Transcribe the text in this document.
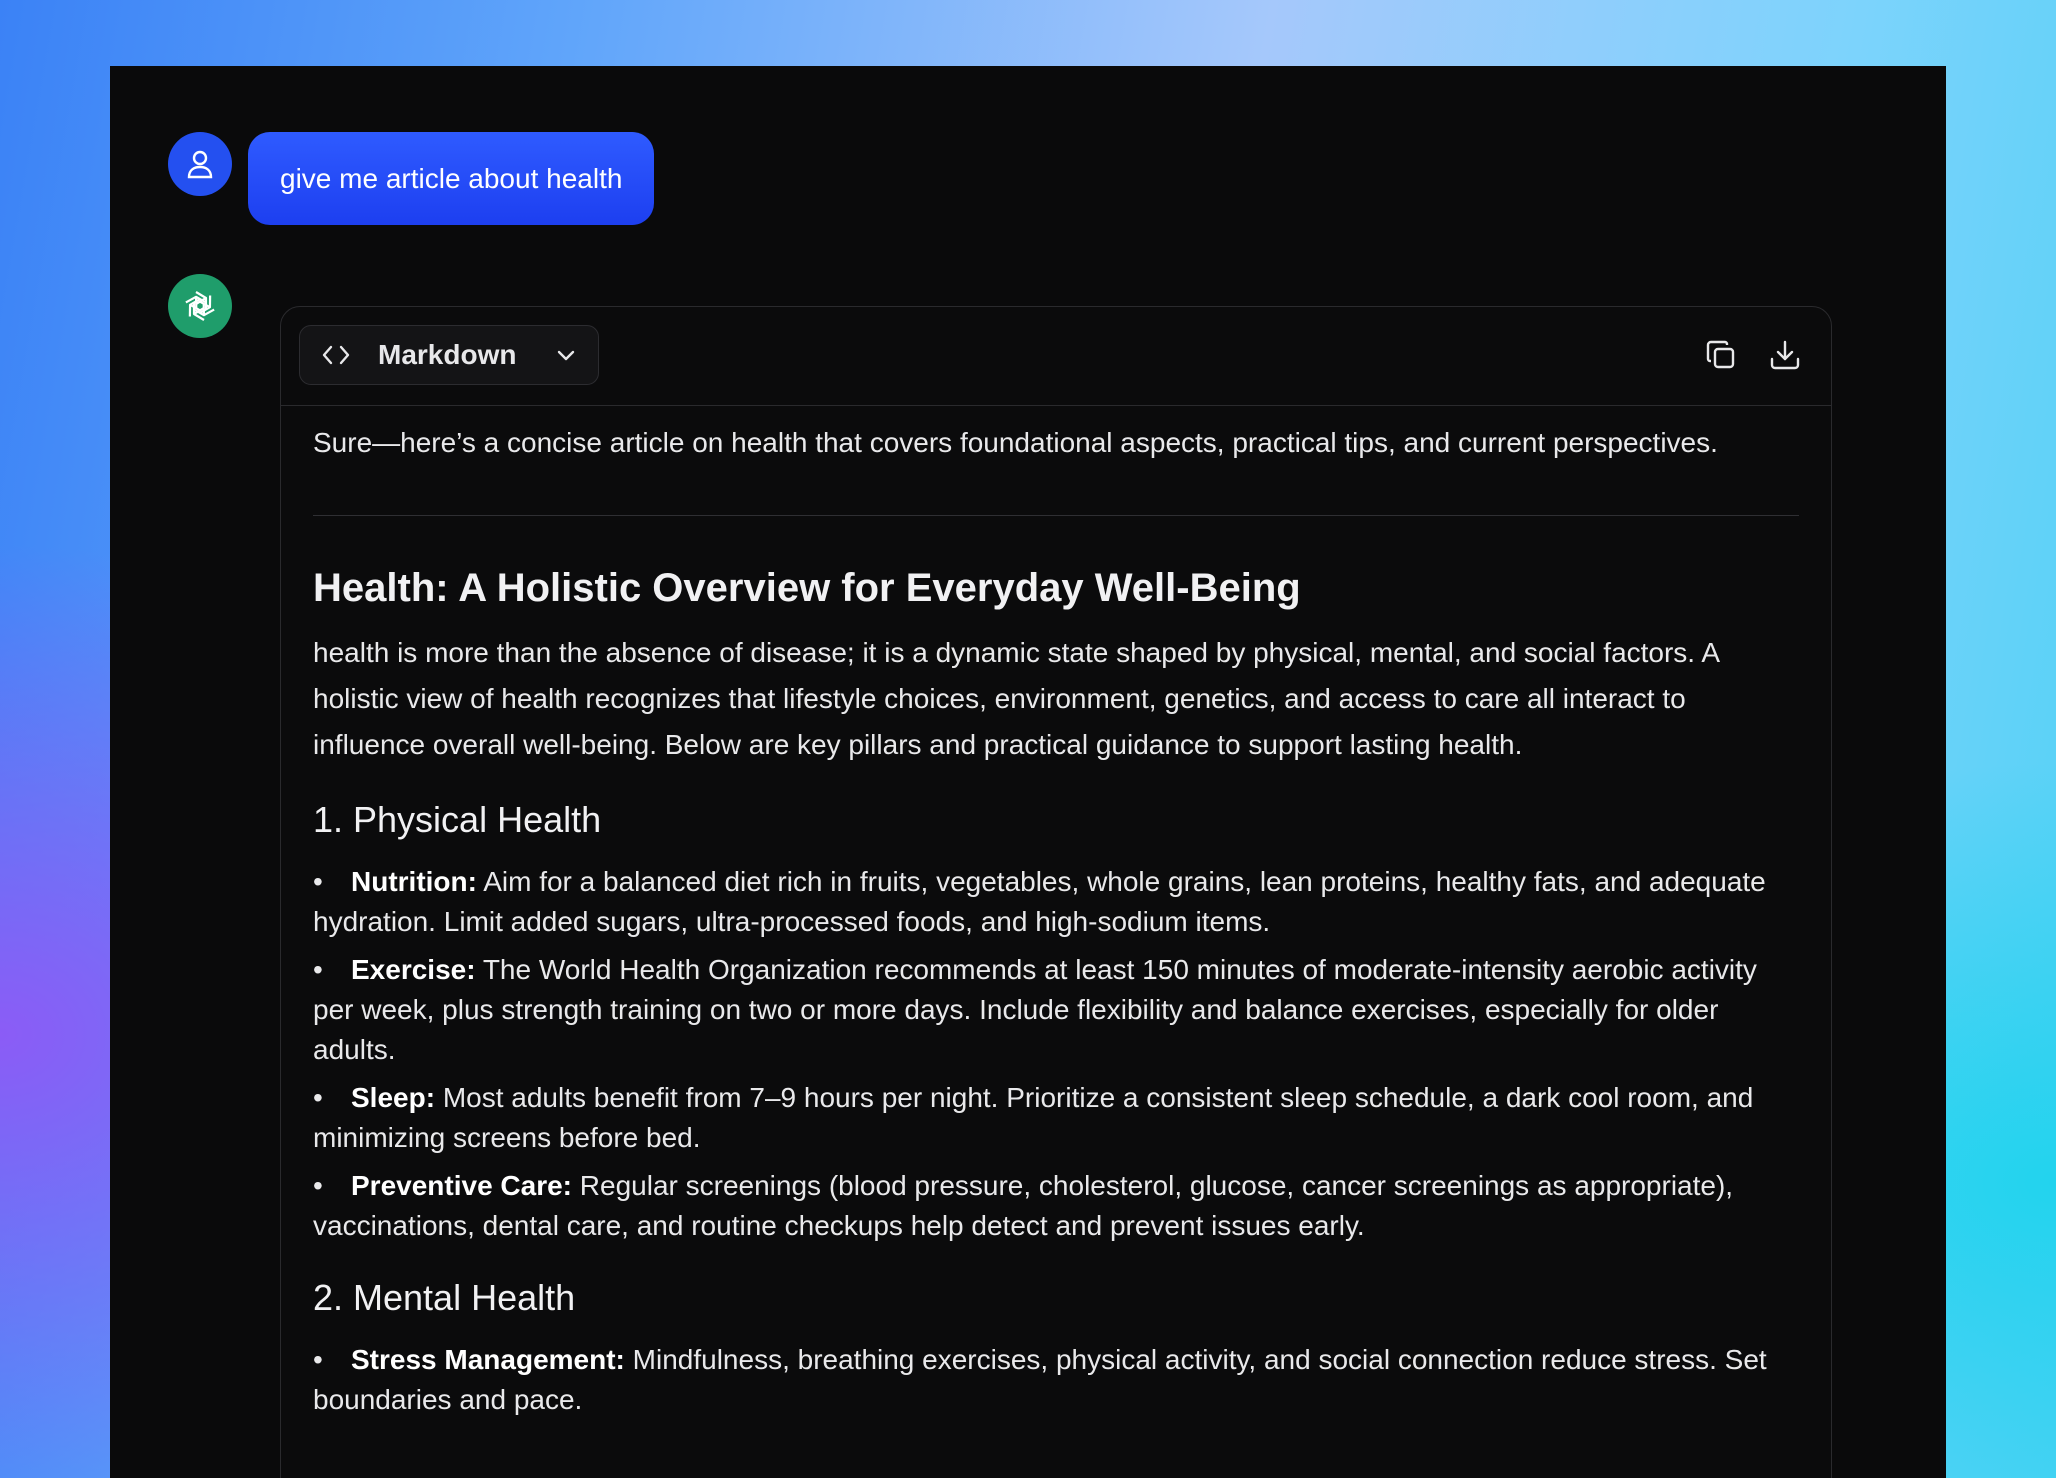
give me article about health
Markdown

Sure—here’s a concise article on health that covers foundational aspects, practical tips, and current perspectives.

Health: A Holistic Overview for Everyday Well-Being

health is more than the absence of disease; it is a dynamic state shaped by physical, mental, and social factors. A holistic view of health recognizes that lifestyle choices, environment, genetics, and access to care all interact to influence overall well-being. Below are key pillars and practical guidance to support lasting health.

1. Physical Health
• Nutrition: Aim for a balanced diet rich in fruits, vegetables, whole grains, lean proteins, healthy fats, and adequate hydration. Limit added sugars, ultra-processed foods, and high-sodium items.
• Exercise: The World Health Organization recommends at least 150 minutes of moderate-intensity aerobic activity per week, plus strength training on two or more days. Include flexibility and balance exercises, especially for older adults.
• Sleep: Most adults benefit from 7–9 hours per night. Prioritize a consistent sleep schedule, a dark cool room, and minimizing screens before bed.
• Preventive Care: Regular screenings (blood pressure, cholesterol, glucose, cancer screenings as appropriate), vaccinations, dental care, and routine checkups help detect and prevent issues early.
2. Mental Health
• Stress Management: Mindfulness, breathing exercises, physical activity, and social connection reduce stress. Set boundaries and pace.
